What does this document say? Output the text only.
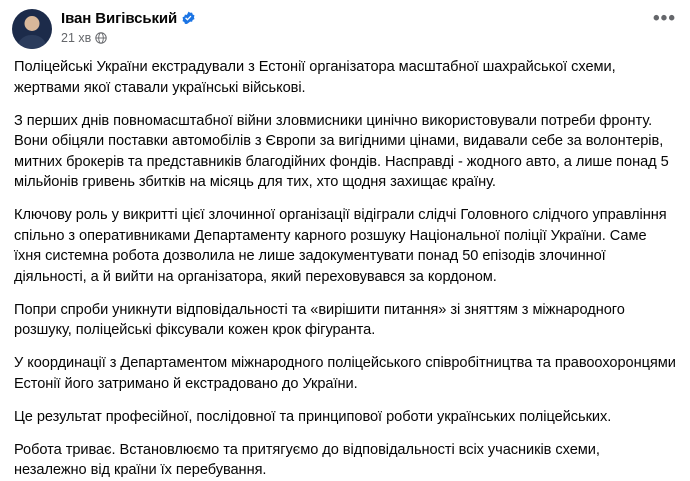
Іван Вигівський
21 хв
•••

Поліцейські України екстрадували з Естонії організатора масштабної шахрайської схеми, жертвами якої ставали українські військові.

З перших днів повномасштабної війни зловмисники цинічно використовували потреби фронту. Вони обіцяли поставки автомобілів з Європи за вигідними цінами, видавали себе за волонтерів, митних брокерів та представників благодійних фондів. Насправді - жодного авто, а лише понад 5 мільйонів гривень збитків на місяць для тих, хто щодня захищає країну.

Ключову роль у викритті цієї злочинної організації відіграли слідчі Головного слідчого управління спільно з оперативниками Департаменту карного розшуку Національної поліції України. Саме їхня системна робота дозволила не лише задокументувати понад 50 епізодів злочинної діяльності, а й вийти на організатора, який переховувався за кордоном.

Попри спроби уникнути відповідальності та «вирішити питання» зі зняттям з міжнародного розшуку, поліцейські фіксували кожен крок фігуранта.

У координації з Департаментом міжнародного поліцейського співробітництва та правоохоронцями Естонії його затримано й екстрадовано до України.

Це результат професійної, послідовної та принципової роботи українських поліцейських.

Робота триває. Встановлюємо та притягуємо до відповідальності всіх учасників схеми, незалежно від країни їх перебування.
